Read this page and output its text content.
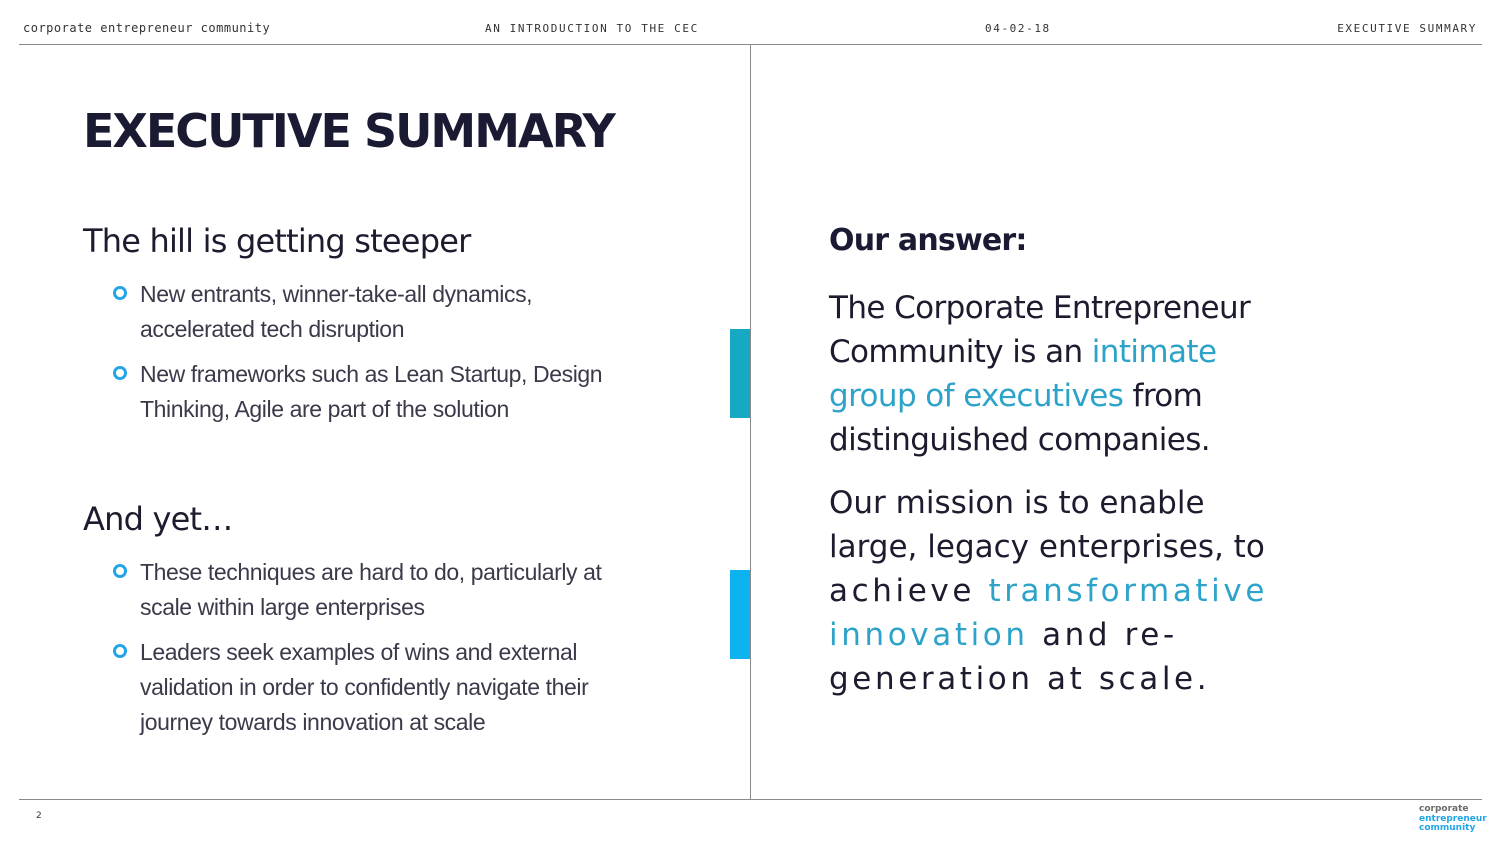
corporate entrepreneur community	AN INTRODUCTION TO THE CEC	04-02-18	EXECUTIVE SUMMARY
EXECUTIVE SUMMARY
The hill is getting steeper
New entrants, winner-take-all dynamics, accelerated tech disruption
New frameworks such as Lean Startup, Design Thinking, Agile are part of the solution
And yet…
These techniques are hard to do, particularly at scale within large enterprises
Leaders seek examples of wins and external validation in order to confidently navigate their journey towards innovation at scale
Our answer:
The Corporate Entrepreneur Community is an intimate group of executives from distinguished companies.
Our mission is to enable large, legacy enterprises, to achieve transformative innovation and re-generation at scale.
2
corporate
entrepreneur
community
